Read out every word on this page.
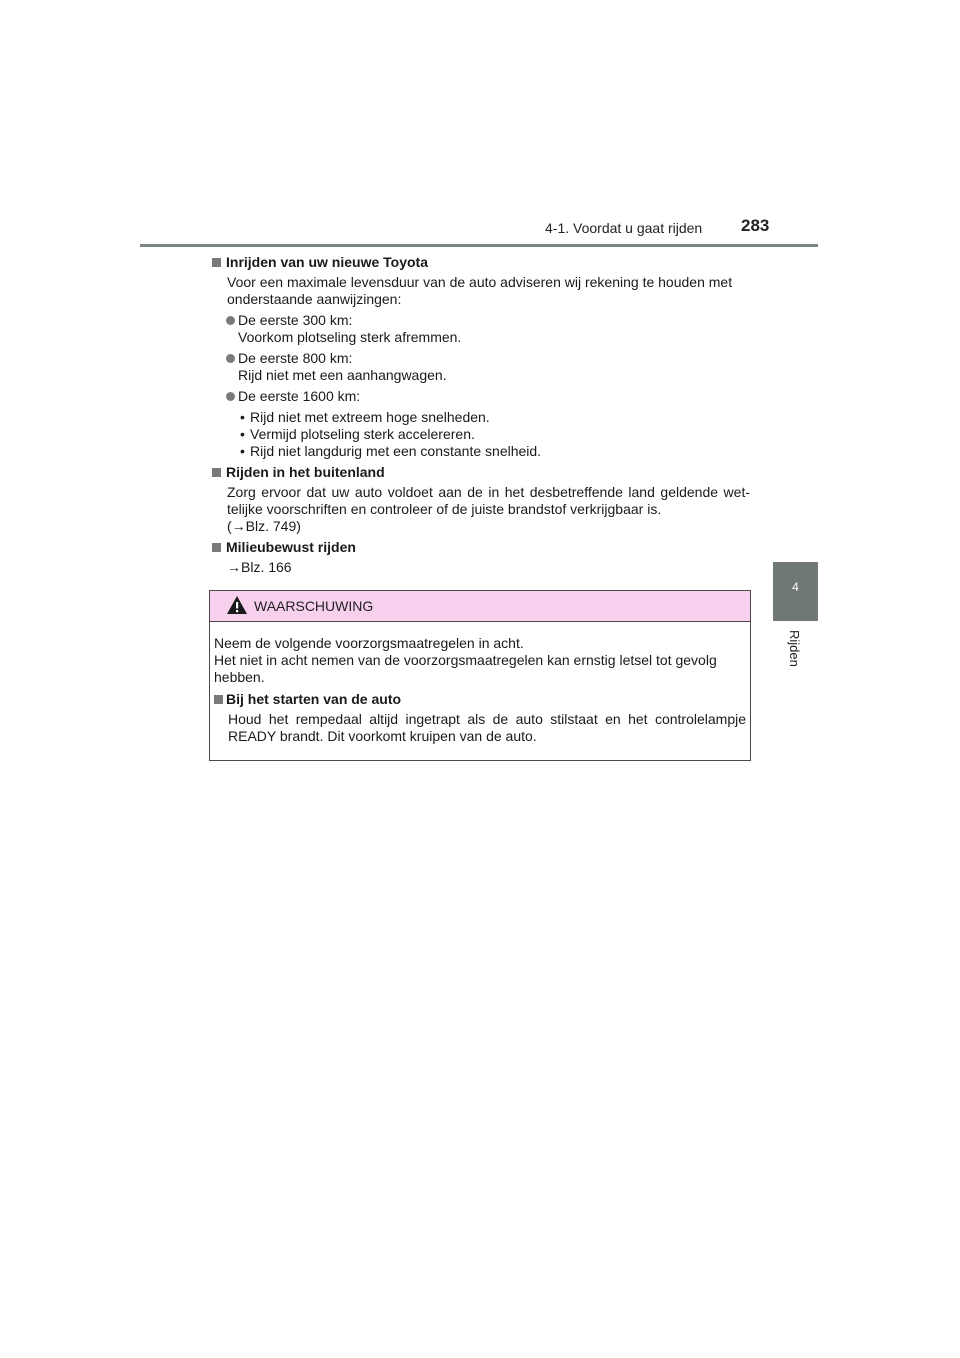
4-1. Voordat u gaat rijden 283
4
Rijden
Inrijden van uw nieuwe Toyota
Voor een maximale levensduur van de auto adviseren wij rekening te houden met onderstaande aanwijzingen:
De eerste 300 km:
Voorkom plotseling sterk afremmen.
De eerste 800 km:
Rijd niet met een aanhangwagen.
De eerste 1600 km:
• Rijd niet met extreem hoge snelheden.
• Vermijd plotseling sterk accelereren.
• Rijd niet langdurig met een constante snelheid.
Rijden in het buitenland
Zorg ervoor dat uw auto voldoet aan de in het desbetreffende land geldende wet-telijke voorschriften en controleer of de juiste brandstof verkrijgbaar is.
(→Blz. 749)
Milieubewust rijden
→Blz. 166
WAARSCHUWING
Neem de volgende voorzorgsmaatregelen in acht.
Het niet in acht nemen van de voorzorgsmaatregelen kan ernstig letsel tot gevolg hebben.
Bij het starten van de auto
Houd het rempedaal altijd ingetrapt als de auto stilstaat en het controlelampje READY brandt. Dit voorkomt kruipen van de auto.
